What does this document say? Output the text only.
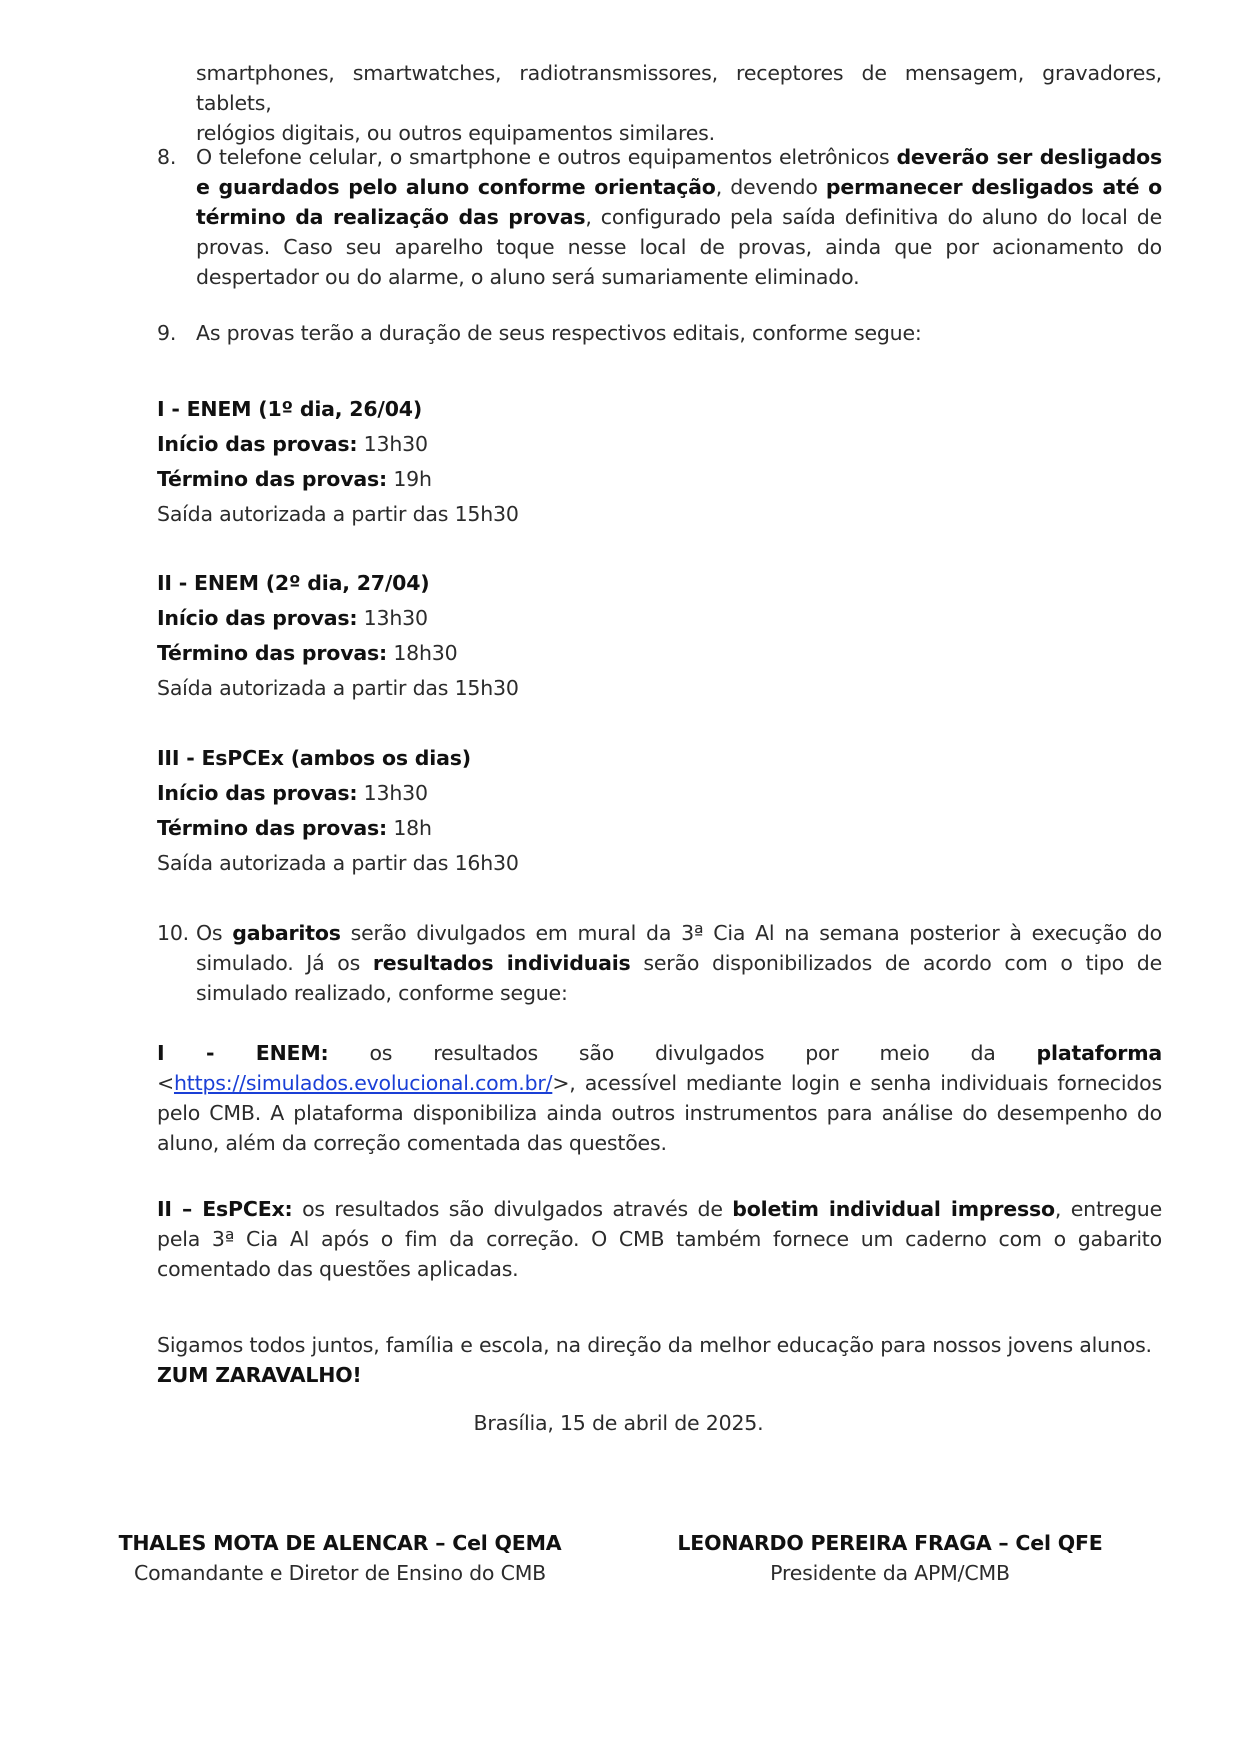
smartphones, smartwatches, radiotransmissores, receptores de mensagem, gravadores, tablets,
relógios digitais, ou outros equipamentos similares.
8. O telefone celular, o smartphone e outros equipamentos eletrônicos deverão ser desligados e guardados pelo aluno conforme orientação, devendo permanecer desligados até o término da realização das provas, configurado pela saída definitiva do aluno do local de provas. Caso seu aparelho toque nesse local de provas, ainda que por acionamento do despertador ou do alarme, o aluno será sumariamente eliminado.
9. As provas terão a duração de seus respectivos editais, conforme segue:
I - ENEM (1º dia, 26/04)
Início das provas: 13h30
Término das provas: 19h
Saída autorizada a partir das 15h30
II - ENEM (2º dia, 27/04)
Início das provas: 13h30
Término das provas: 18h30
Saída autorizada a partir das 15h30
III - EsPCEx (ambos os dias)
Início das provas: 13h30
Término das provas: 18h
Saída autorizada a partir das 16h30
10. Os gabaritos serão divulgados em mural da 3ª Cia Al na semana posterior à execução do simulado. Já os resultados individuais serão disponibilizados de acordo com o tipo de simulado realizado, conforme segue:
I - ENEM: os resultados são divulgados por meio da plataforma
<https://simulados.evolucional.com.br/>, acessível mediante login e senha individuais fornecidos pelo CMB. A plataforma disponibiliza ainda outros instrumentos para análise do desempenho do aluno, além da correção comentada das questões.
II – EsPCEx: os resultados são divulgados através de boletim individual impresso, entregue pela 3ª Cia Al após o fim da correção. O CMB também fornece um caderno com o gabarito comentado das questões aplicadas.
Sigamos todos juntos, família e escola, na direção da melhor educação para nossos jovens alunos.
ZUM ZARAVALHO!
Brasília, 15 de abril de 2025.
THALES MOTA DE ALENCAR – Cel QEMA
Comandante e Diretor de Ensino do CMB
LEONARDO PEREIRA FRAGA – Cel QFE
Presidente da APM/CMB
